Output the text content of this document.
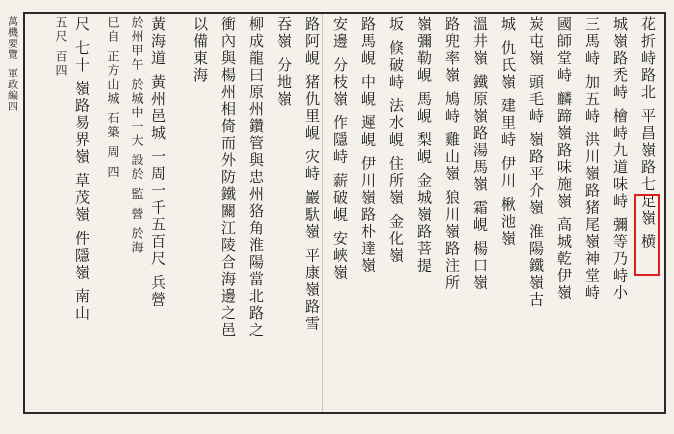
萬機要覽
軍政編四	花折峙路北 平昌嶺路七足嶺 横
城嶺路禿峙 檜峙九道味峙 彌等乃峙小
三馬峙 加五峙 洪川嶺路猪尾嶺神堂峙
國師堂峙 麟蹄嶺路味施嶺 高城乾伊嶺
炭屯嶺 頭毛峙 嶺路平介嶺 淮陽鐵嶺古
城 仇氏嶺 建里峙 伊川 楸池嶺
溫井嶺 鐵原嶺路湯馬嶺 霜峴 楊口嶺
路兜率嶺 鳩峙 雞山嶺 狼川嶺路注所
嶺彌勒峴 馬峴 梨峴 金城嶺路菩提
坂 倏破峙 法水峴 住所嶺 金化嶺
路馬峴 中峴 遲峴 伊川嶺路朴達嶺
安邊 分枝嶺 作隱峙 薪破峴 安峽嶺
路阿峴 猪仇里峴 灾峙 巖馱嶺 平康嶺路雪
吞嶺 分地嶺
柳成龍曰原州鑽管與忠州狢角淮陽當北路之
衝內與楊州相倚而外防鐵關江陵合海邊之邑
以備東海
黃海道 黃州邑城 一周一千五百尺 兵營
於州甲午 於城中一大 設於 監 營 於海
巳自 正方山城 石築 周 四
尺 七十 嶺路易界嶺 草茂嶺 件隱嶺 南山
五尺 百四
